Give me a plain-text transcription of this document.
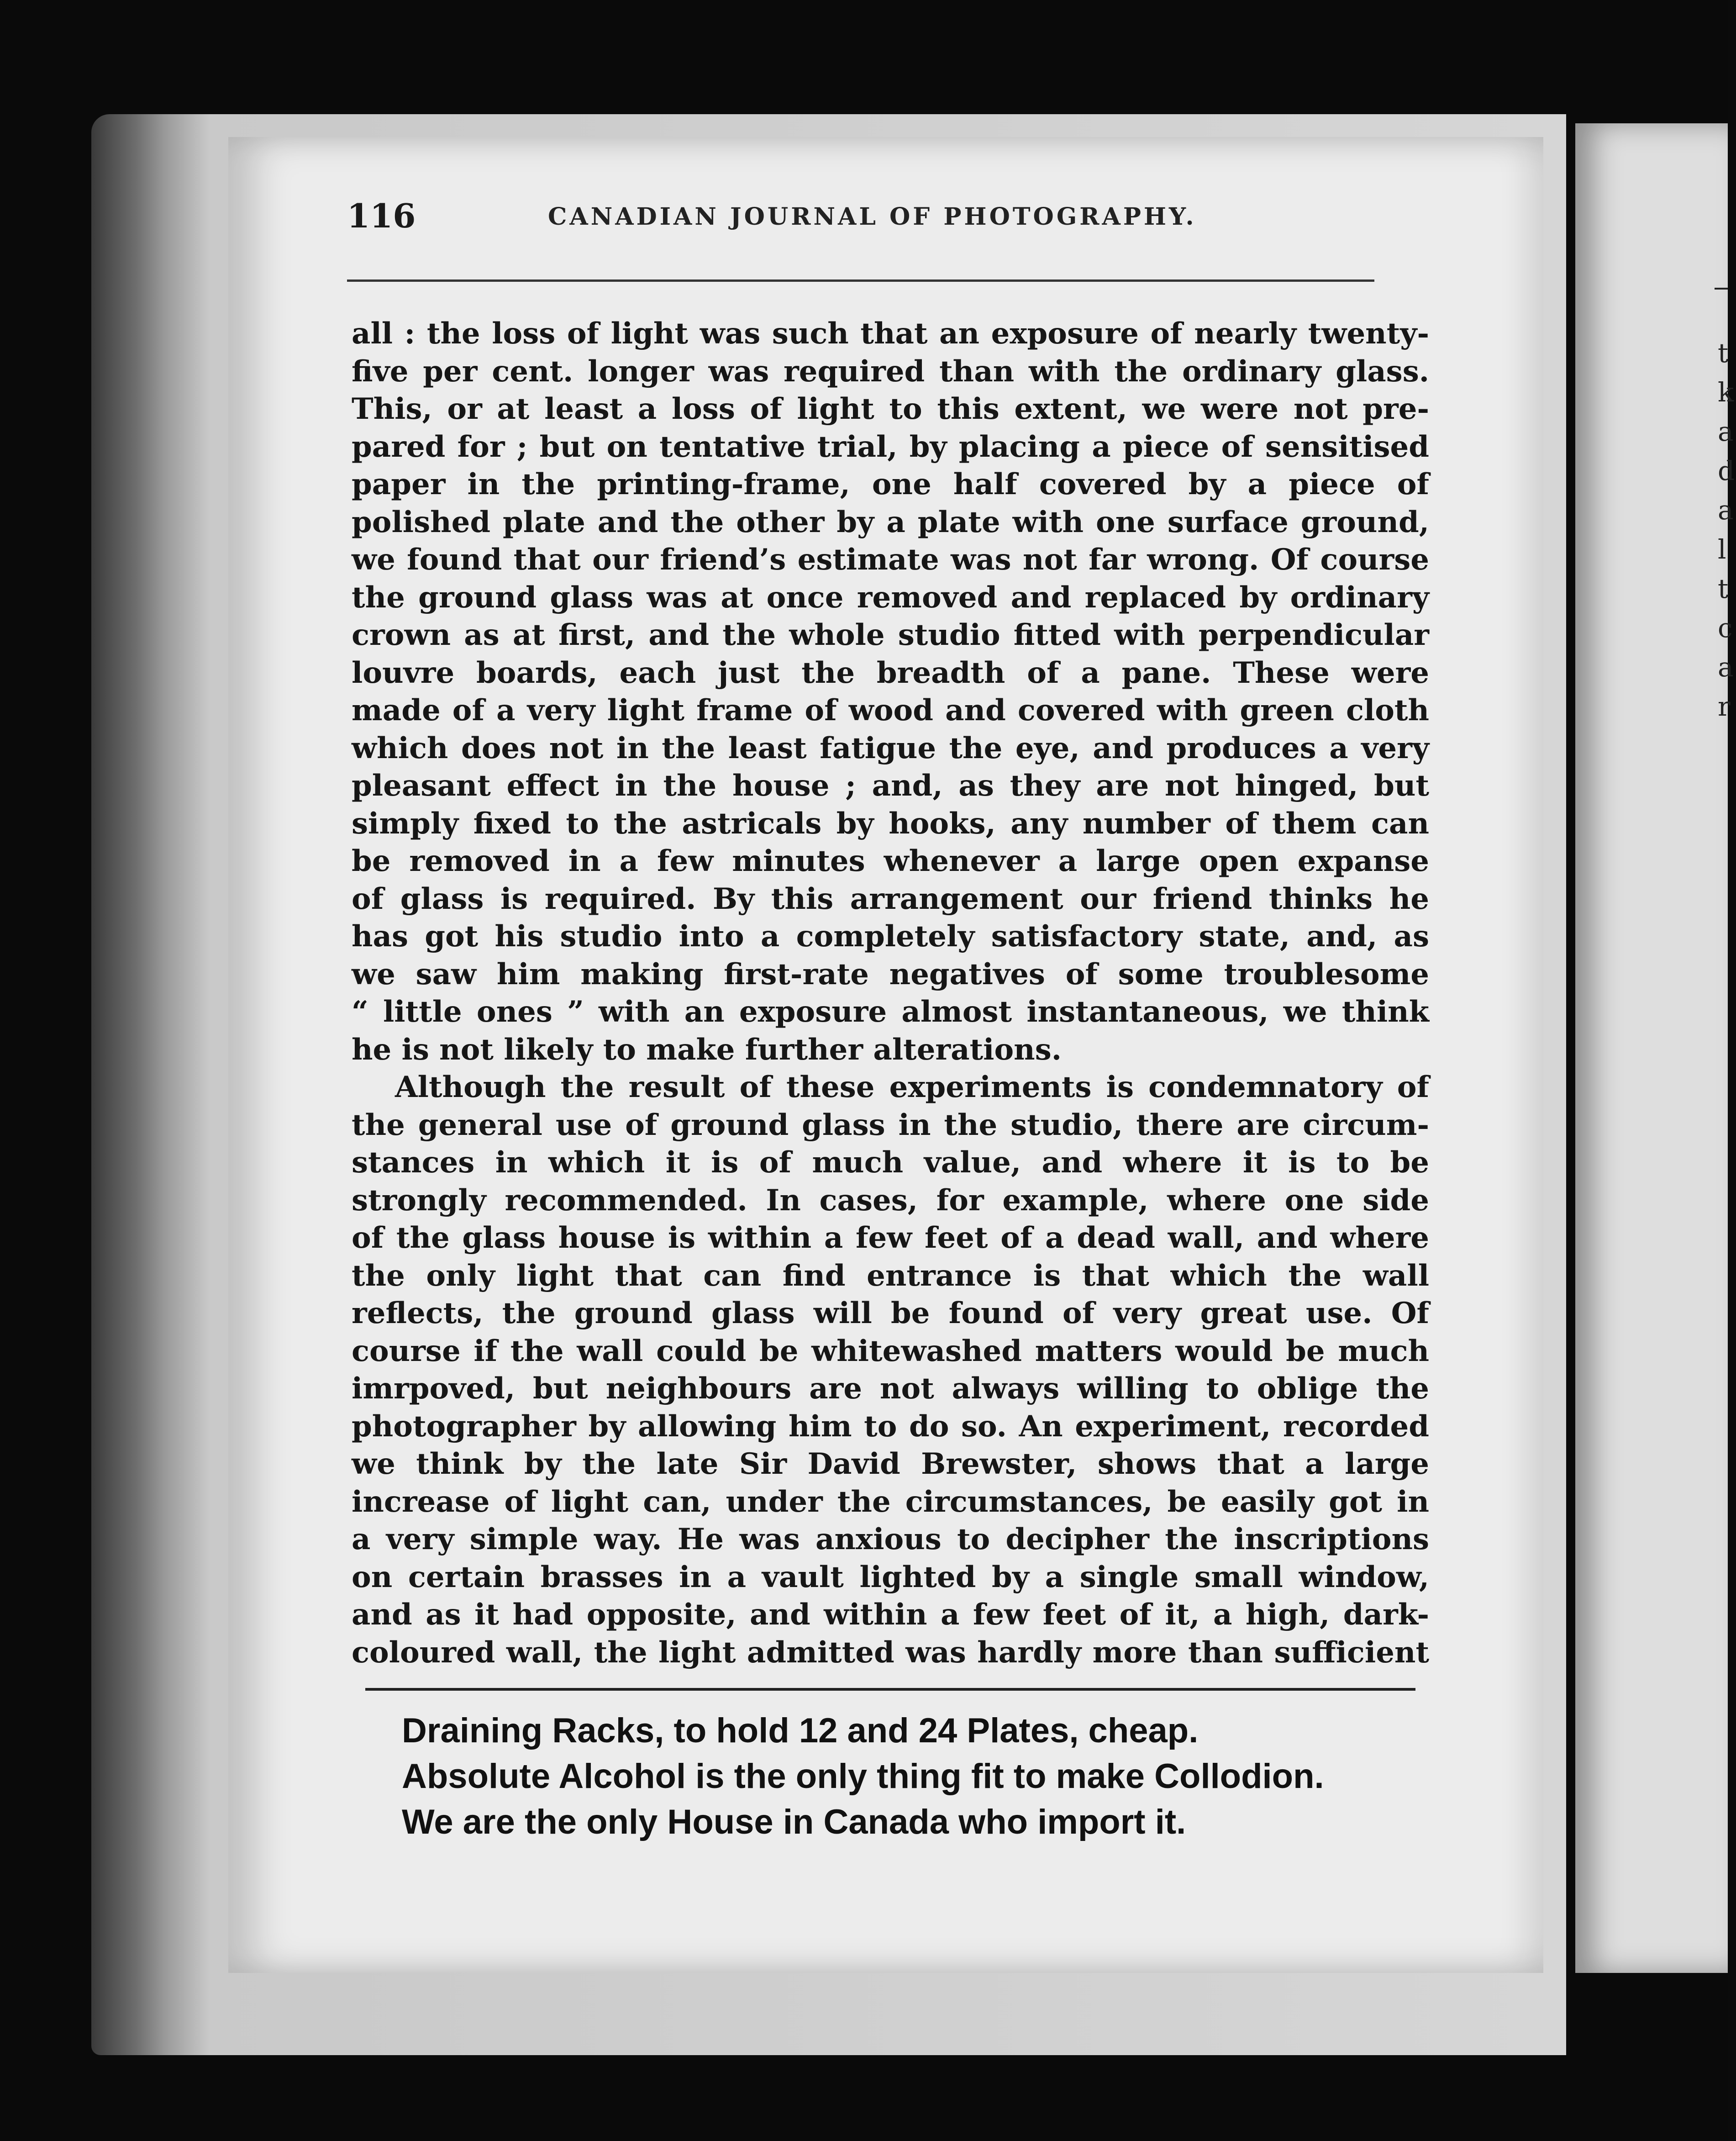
t
k
a
d
a
l
t
c
a
r
116	CANADIAN JOURNAL OF PHOTOGRAPHY.
all : the loss of light was such that an exposure of nearly twenty-
five per cent. longer was required than with the ordinary glass.
This, or at least a loss of light to this extent, we were not pre-
pared for ; but on tentative trial, by placing a piece of sensitised
paper in the printing-frame, one half covered by a piece of
polished plate and the other by a plate with one surface ground,
we found that our friend’s estimate was not far wrong. Of course
the ground glass was at once removed and replaced by ordinary
crown as at first, and the whole studio fitted with perpendicular
louvre boards, each just the breadth of a pane. These were
made of a very light frame of wood and covered with green cloth
which does not in the least fatigue the eye, and produces a very
pleasant effect in the house ; and, as they are not hinged, but
simply fixed to the astricals by hooks, any number of them can
be removed in a few minutes whenever a large open expanse
of glass is required. By this arrangement our friend thinks he
has got his studio into a completely satisfactory state, and, as
we saw him making first-rate negatives of some troublesome
“ little ones ” with an exposure almost instantaneous, we think
he is not likely to make further alterations.
Although the result of these experiments is condemnatory of
the general use of ground glass in the studio, there are circum-
stances in which it is of much value, and where it is to be
strongly recommended. In cases, for example, where one side
of the glass house is within a few feet of a dead wall, and where
the only light that can find entrance is that which the wall
reflects, the ground glass will be found of very great use. Of
course if the wall could be whitewashed matters would be much
imrpoved, but neighbours are not always willing to oblige the
photographer by allowing him to do so. An experiment, recorded
we think by the late Sir David Brewster, shows that a large
increase of light can, under the circumstances, be easily got in
a very simple way. He was anxious to decipher the inscriptions
on certain brasses in a vault lighted by a single small window,
and as it had opposite, and within a few feet of it, a high, dark-
coloured wall, the light admitted was hardly more than sufficient
Draining Racks, to hold 12 and 24 Plates, cheap.
Absolute Alcohol is the only thing fit to make Collodion.
We are the only House in Canada who import it.
